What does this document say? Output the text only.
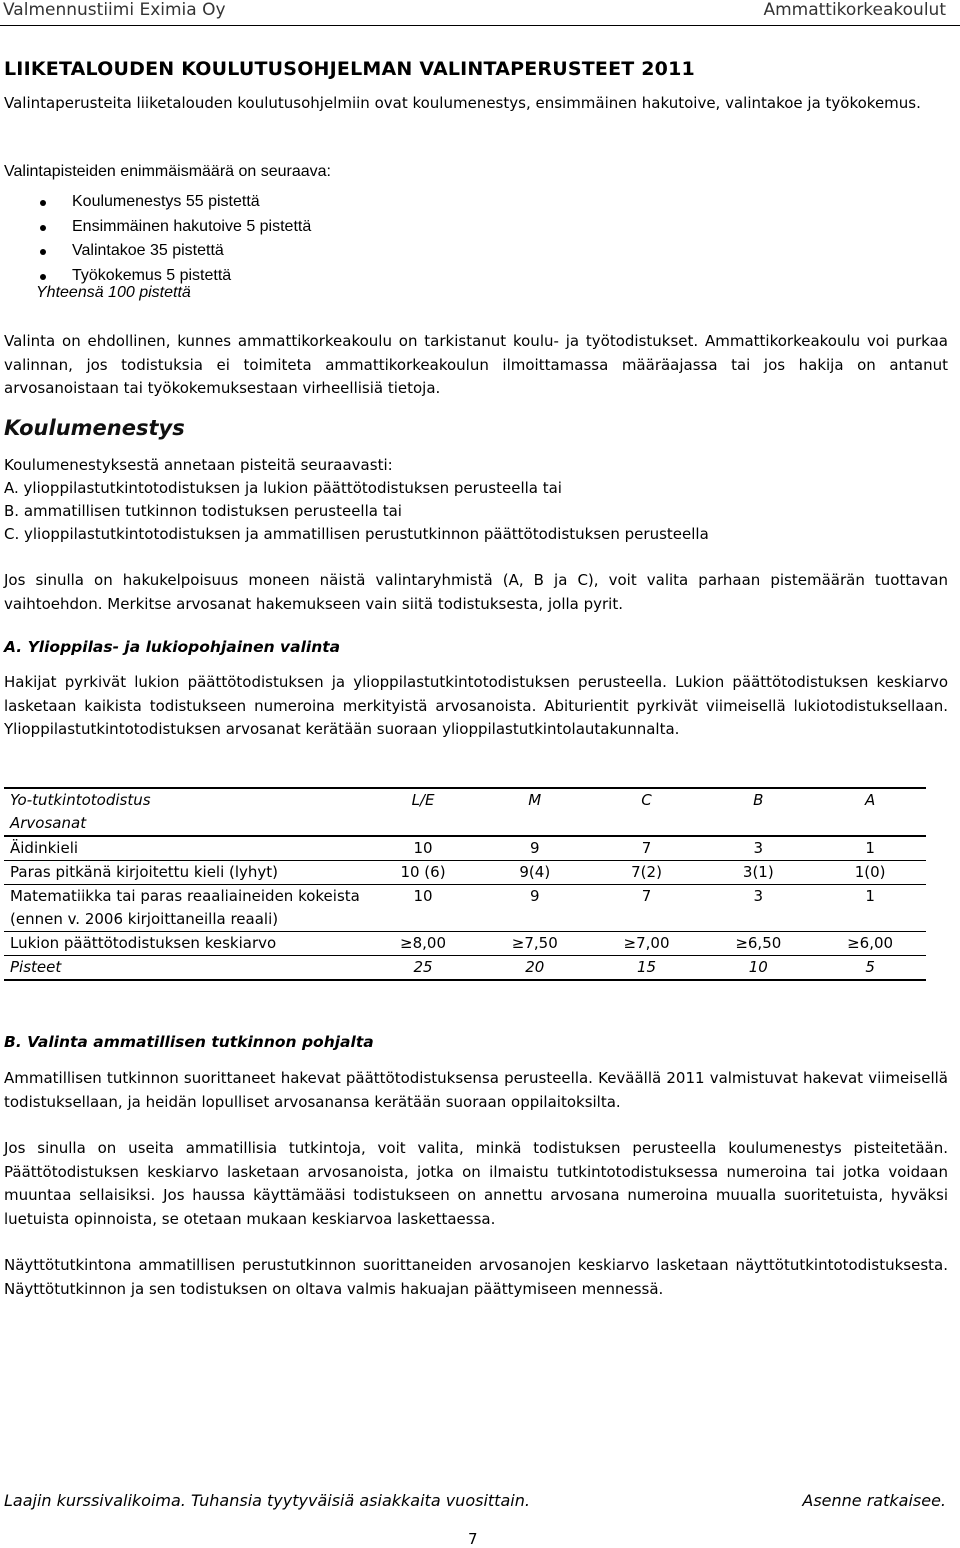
Valmennustiimi Eximia Oy	Ammattikorkeakoulut
LIIKETALOUDEN KOULUTUSOHJELMAN VALINTAPERUSTEET 2011
Valintaperusteita liiketalouden koulutusohjelmiin ovat koulumenestys, ensimmäinen hakutoive, valintakoe ja työkokemus.
Valintapisteiden enimmäismäärä on seuraava:
Koulumenestys 55 pistettä
Ensimmäinen hakutoive 5 pistettä
Valintakoe 35 pistettä
Työkokemus 5 pistettä
Yhteensä 100 pistettä
Valinta on ehdollinen, kunnes ammattikorkeakoulu on tarkistanut koulu- ja työtodistukset. Ammattikorkeakoulu voi purkaa valinnan, jos todistuksia ei toimiteta ammattikorkeakoulun ilmoittamassa määräajassa tai jos hakija on antanut arvosanoistaan tai työkokemuksestaan virheellisiä tietoja.
Koulumenestys
Koulumenestyksestä annetaan pisteitä seuraavasti:
A. ylioppilastutkintotodistuksen ja lukion päättötodistuksen perusteella tai
B. ammatillisen tutkinnon todistuksen perusteella tai
C. ylioppilastutkintotodistuksen ja ammatillisen perustutkinnon päättötodistuksen perusteella
Jos sinulla on hakukelpoisuus moneen näistä valintaryhmistä (A, B ja C), voit valita parhaan pistemäärän tuottavan vaihtoehdon. Merkitse arvosanat hakemukseen vain siitä todistuksesta, jolla pyrit.
A. Ylioppilas- ja lukiopohjainen valinta
Hakijat pyrkivät lukion päättötodistuksen ja ylioppilastutkintotodistuksen perusteella. Lukion päättötodistuksen keskiarvo lasketaan kaikista todistukseen numeroina merkityistä arvosanoista. Abiturientit pyrkivät viimeisellä lukiotodistuksellaan. Ylioppilastutkintotodistuksen arvosanat kerätään suoraan ylioppilastutkintolautakunnalta.
Yo-tutkintotodistus
Arvosanat	L/E	M	C	B	A
Äidinkieli	10	9	7	3	1
Paras pitkänä kirjoitettu kieli (lyhyt)	10 (6)	9(4)	7(2)	3(1)	1(0)
Matematiikka tai paras reaaliaineiden kokeista (ennen v. 2006 kirjoittaneilla reaali)	10	9	7	3	1
Lukion päättötodistuksen keskiarvo	≥8,00	≥7,50	≥7,00	≥6,50	≥6,00
Pisteet	25	20	15	10	5
B. Valinta ammatillisen tutkinnon pohjalta
Ammatillisen tutkinnon suorittaneet hakevat päättötodistuksensa perusteella. Keväällä 2011 valmistuvat hakevat viimeisellä todistuksellaan, ja heidän lopulliset arvosanansa kerätään suoraan oppilaitoksilta.
Jos sinulla on useita ammatillisia tutkintoja, voit valita, minkä todistuksen perusteella koulumenestys pisteitetään. Päättötodistuksen keskiarvo lasketaan arvosanoista, jotka on ilmaistu tutkintotodistuksessa numeroina tai jotka voidaan muuntaa sellaisiksi. Jos haussa käyttämääsi todistukseen on annettu arvosana numeroina muualla suoritetuista, hyväksi luetuista opinnoista, se otetaan mukaan keskiarvoa laskettaessa.
Näyttötutkintona ammatillisen perustutkinnon suorittaneiden arvosanojen keskiarvo lasketaan näyttötutkintotodistuksesta. Näyttötutkinnon ja sen todistuksen on oltava valmis hakuajan päättymiseen mennessä.
Laajin kurssivalikoima. Tuhansia tyytyväisiä asiakkaita vuosittain.	Asenne ratkaisee.
7
